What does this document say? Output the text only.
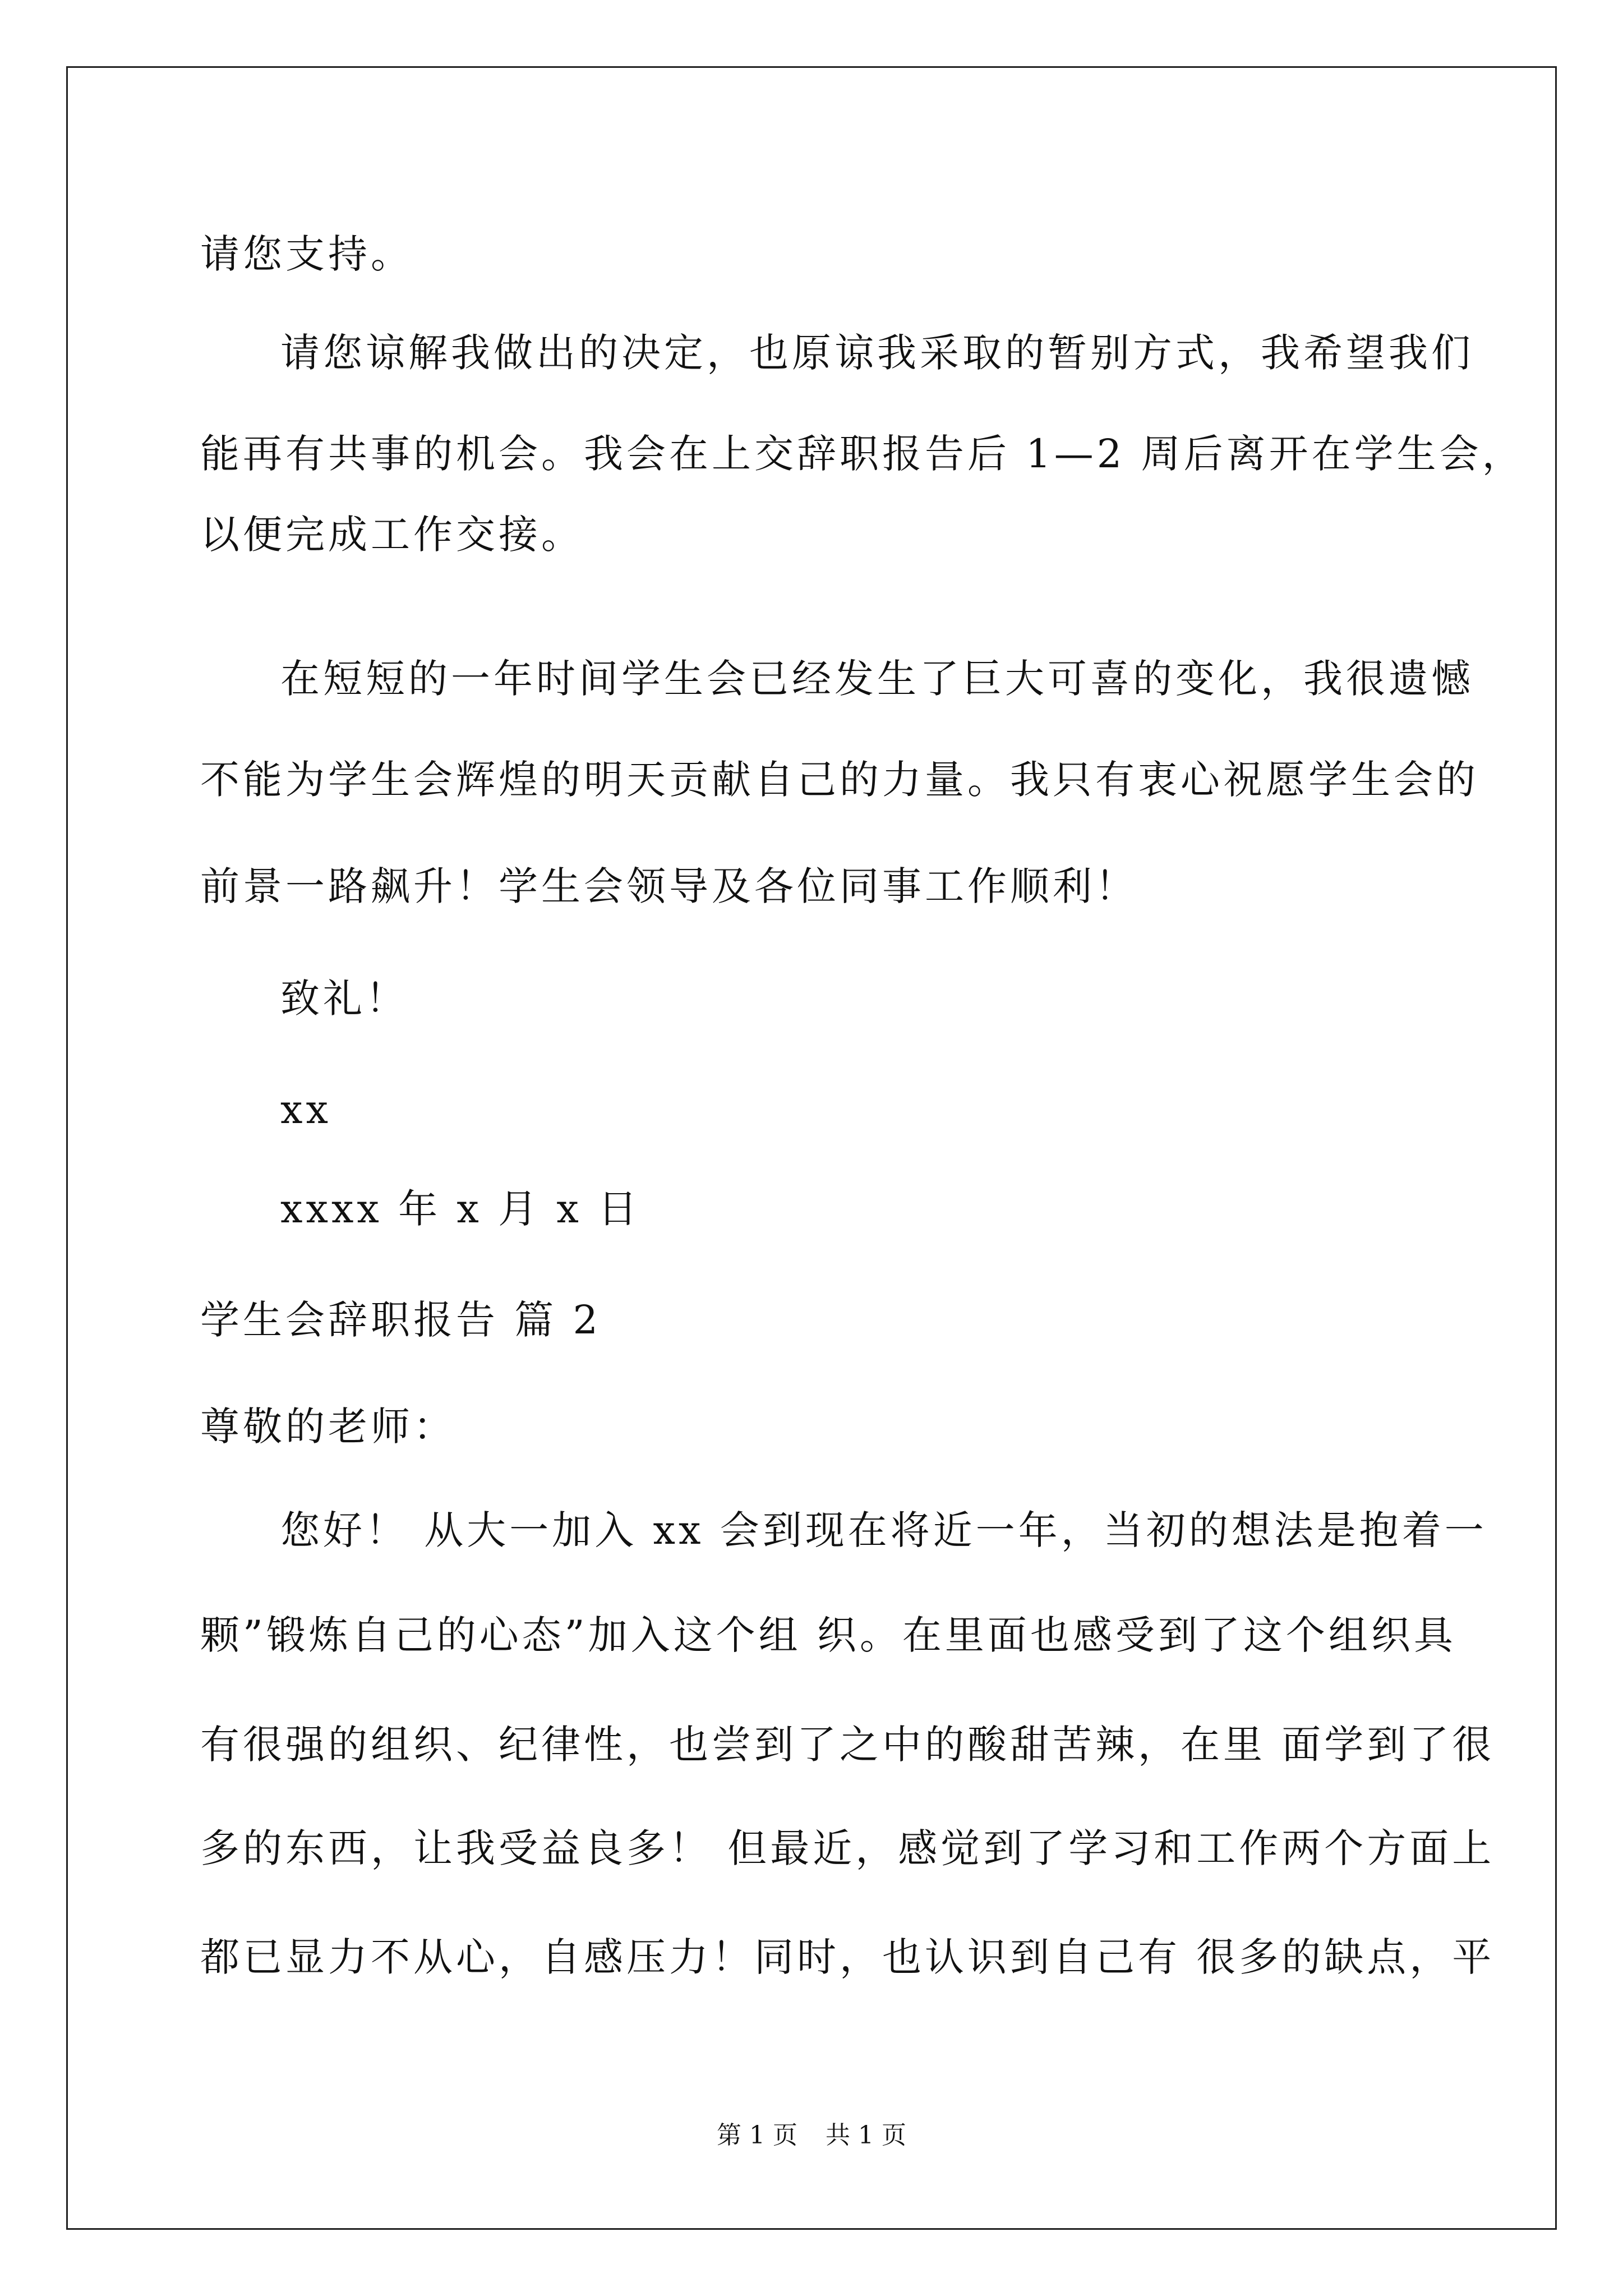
请您支持。
请您谅解我做出的决定，也原谅我采取的暂别方式，我希望我们
能再有共事的机会。我会在上交辞职报告后 1—2 周后离开在学生会，
以便完成工作交接。
在短短的一年时间学生会已经发生了巨大可喜的变化，我很遗憾
不能为学生会辉煌的明天贡献自己的力量。我只有衷心祝愿学生会的
前景一路飙升！学生会领导及各位同事工作顺利！
致礼！
xx
xxxx 年 x 月 x 日
学生会辞职报告 篇 2
尊敬的老师：
您好！ 从大一加入 xx 会到现在将近一年，当初的想法是抱着一
颗”锻炼自己的心态”加入这个组 织。在里面也感受到了这个组织具
有很强的组织、纪律性，也尝到了之中的酸甜苦辣，在里 面学到了很
多的东西，让我受益良多！ 但最近，感觉到了学习和工作两个方面上
都已显力不从心，自感压力！同时，也认识到自己有 很多的缺点，平
第 1 页 共 1 页
